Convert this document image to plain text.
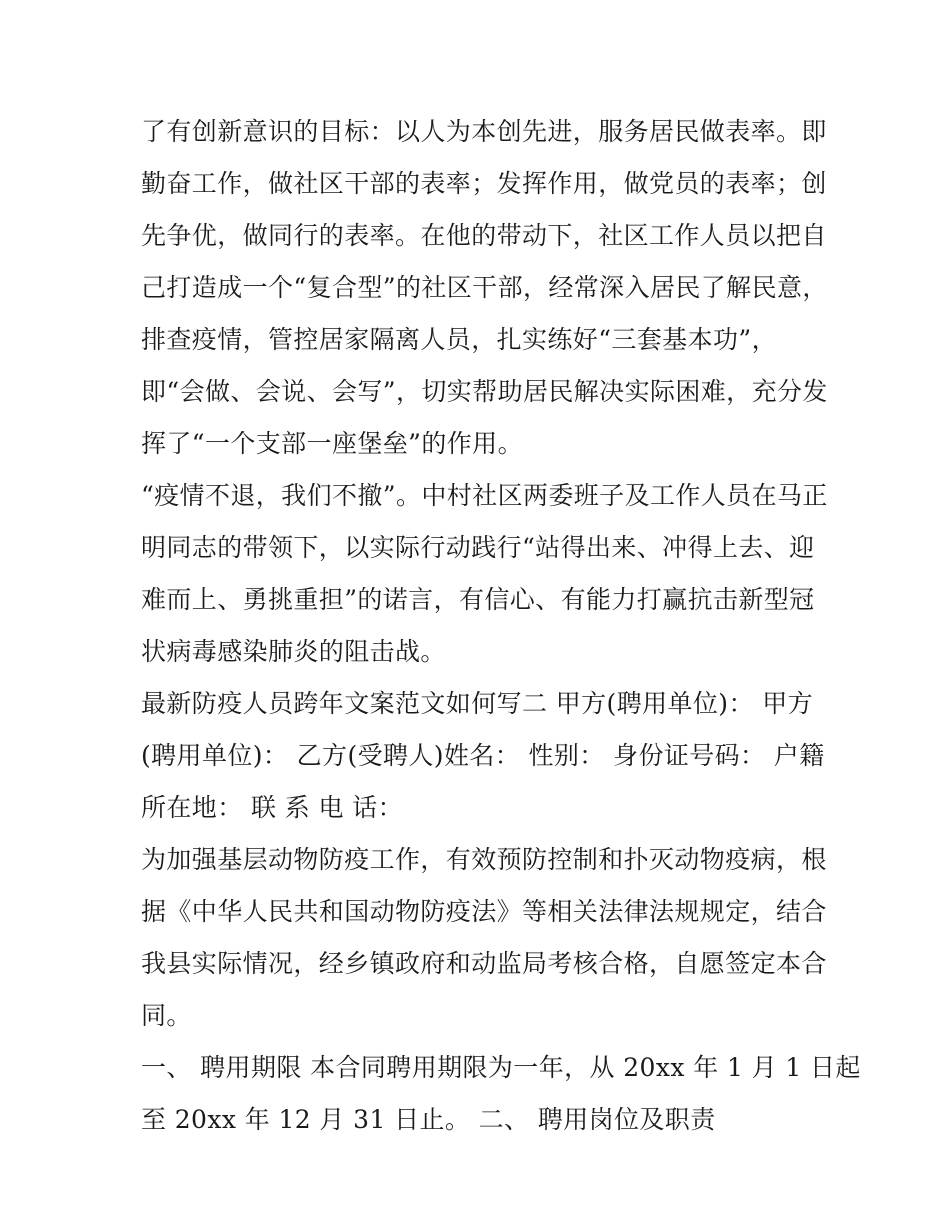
了有创新意识的目标：以人为本创先进，服务居民做表率。即
勤奋工作，做社区干部的表率；发挥作用，做党员的表率；创
先争优，做同行的表率。在他的带动下，社区工作人员以把自
己打造成一个“复合型”的社区干部，经常深入居民了解民意，
排查疫情，管控居家隔离人员，扎实练好“三套基本功”，
即“会做、会说、会写”，切实帮助居民解决实际困难，充分发
挥了“一个支部一座堡垒”的作用。
“疫情不退，我们不撤”。中村社区两委班子及工作人员在马正
明同志的带领下，以实际行动践行“站得出来、冲得上去、迎
难而上、勇挑重担”的诺言，有信心、有能力打赢抗击新型冠
状病毒感染肺炎的阻击战。
最新防疫人员跨年文案范文如何写二 甲方(聘用单位)： 甲方
(聘用单位)： 乙方(受聘人)姓名： 性别： 身份证号码： 户籍
所在地： 联 系 电 话：
为加强基层动物防疫工作，有效预防控制和扑灭动物疫病，根
据《中华人民共和国动物防疫法》等相关法律法规规定，结合
我县实际情况，经乡镇政府和动监局考核合格，自愿签定本合
同。
一、 聘用期限 本合同聘用期限为一年，从 20xx 年 1 月 1 日起
至 20xx 年 12 月 31 日止。 二、 聘用岗位及职责
